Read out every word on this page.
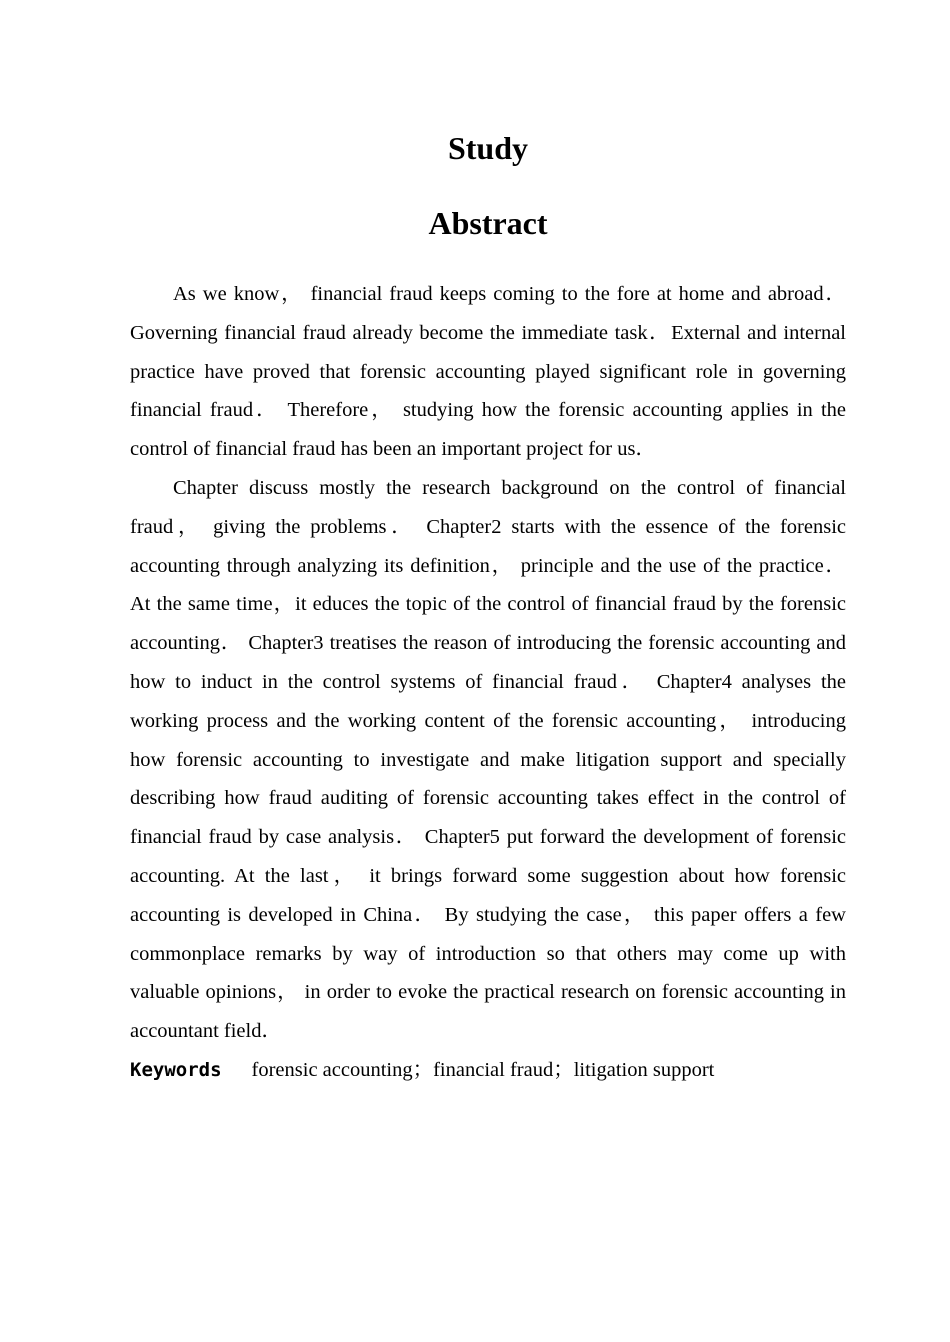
Study
Abstract

As we know， financial fraud keeps coming to the fore at home and abroad．Governing financial fraud already become the immediate task．External and internal practice have proved that forensic accounting played significant role in governing financial fraud． Therefore， studying how the forensic accounting applies in the control of financial fraud has been an important project for us．

Chapter discuss mostly the research background on the control of financial fraud， giving the problems． Chapter2 starts with the essence of the forensic accounting through analyzing its definition， principle and the use of the practice． At the same time，it educes the topic of the control of financial fraud by the forensic accounting． Chapter3 treatises the reason of introducing the forensic accounting and how to induct in the control systems of financial fraud． Chapter4 analyses the working process and the working content of the forensic accounting， introducing how forensic accounting to investigate and make litigation support and specially describing how fraud auditing of forensic accounting takes effect in the control of financial fraud by case analysis． Chapter5 put forward the development of forensic accounting. At the last， it brings forward some suggestion about how forensic accounting is developed in China． By studying the case， this paper offers a few commonplace remarks by way of introduction so that others may come up with valuable opinions， in order to evoke the practical research on forensic accounting in accountant field．

Keywords forensic accounting；financial fraud；litigation support
